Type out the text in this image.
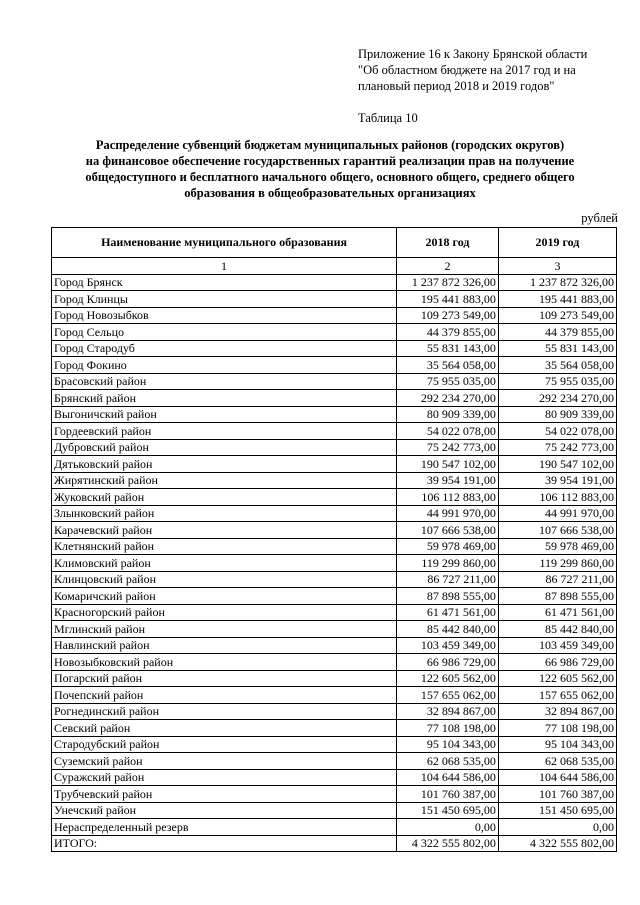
Приложение 16 к Закону Брянской области
"Об областном бюджете на 2017 год и на
плановый период 2018 и 2019 годов"
Таблица 10
Распределение субвенций бюджетам муниципальных районов (городских округов)
на финансовое обеспечение государственных гарантий реализации прав на получение
общедоступного и бесплатного начального общего, основного общего, среднего общего
образования в общеобразовательных организациях
рублей
Наименование муниципального образования	2018 год	2019 год
1	2	3
Город Брянск	1 237 872 326,00	1 237 872 326,00
Город Клинцы	195 441 883,00	195 441 883,00
Город Новозыбков	109 273 549,00	109 273 549,00
Город Сельцо	44 379 855,00	44 379 855,00
Город Стародуб	55 831 143,00	55 831 143,00
Город Фокино	35 564 058,00	35 564 058,00
Брасовский район	75 955 035,00	75 955 035,00
Брянский район	292 234 270,00	292 234 270,00
Выгоничский район	80 909 339,00	80 909 339,00
Гордеевский район	54 022 078,00	54 022 078,00
Дубровский район	75 242 773,00	75 242 773,00
Дятьковский район	190 547 102,00	190 547 102,00
Жирятинский район	39 954 191,00	39 954 191,00
Жуковский район	106 112 883,00	106 112 883,00
Злынковский район	44 991 970,00	44 991 970,00
Карачевский район	107 666 538,00	107 666 538,00
Клетнянский район	59 978 469,00	59 978 469,00
Климовский район	119 299 860,00	119 299 860,00
Клинцовский район	86 727 211,00	86 727 211,00
Комаричский район	87 898 555,00	87 898 555,00
Красногорский район	61 471 561,00	61 471 561,00
Мглинский район	85 442 840,00	85 442 840,00
Навлинский район	103 459 349,00	103 459 349,00
Новозыбковский район	66 986 729,00	66 986 729,00
Погарский район	122 605 562,00	122 605 562,00
Почепский район	157 655 062,00	157 655 062,00
Рогнединский район	32 894 867,00	32 894 867,00
Севский район	77 108 198,00	77 108 198,00
Стародубский район	95 104 343,00	95 104 343,00
Суземский район	62 068 535,00	62 068 535,00
Суражский район	104 644 586,00	104 644 586,00
Трубчевский район	101 760 387,00	101 760 387,00
Унечский район	151 450 695,00	151 450 695,00
Нераспределенный резерв	0,00	0,00
ИТОГО:	4 322 555 802,00	4 322 555 802,00
